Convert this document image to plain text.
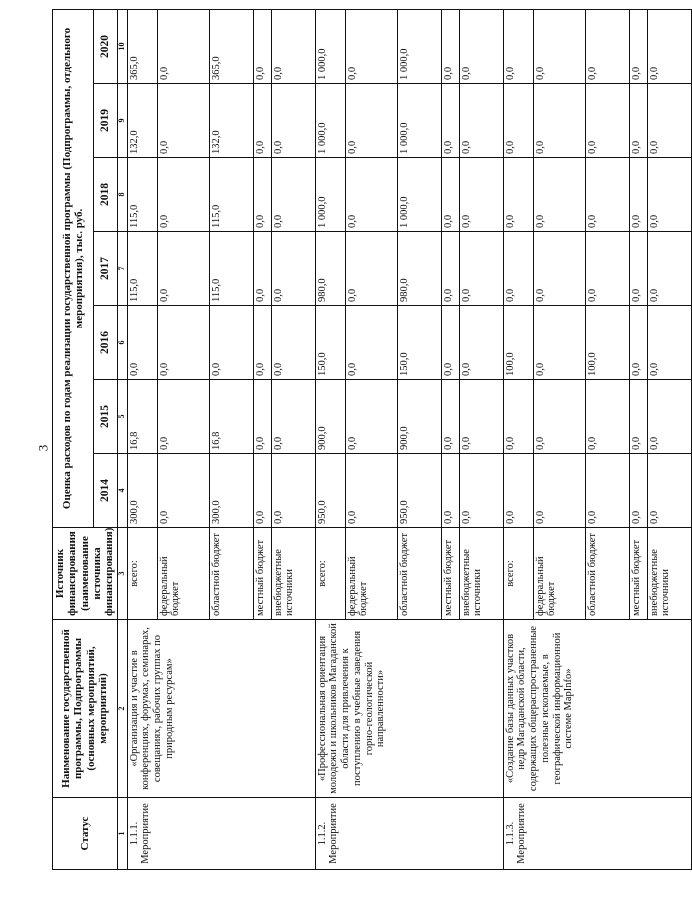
3
Статус	Наименование государственной программы, Подпрограммы (основных мероприятий, мероприятий)	Источник финансирования (наименование источника финансирования)	Оценка расходов по годам реализации государственной программы (Подпрограммы, отдельного мероприятия), тыс. руб.						
			2014	2015	2016	2017	2018	2019	2020
1	2	3	4	5	6	7	8	9	10

1.1.1. Мероприятие	«Организация и участие в конференциях, форумах, семинарах, совещаниях, рабочих группах по природным ресурсам»	всего:	300,0	16,8	0,0	115,0	115,0	132,0	365,0
		федеральный бюджет	0,0	0,0	0,0	0,0	0,0	0,0	0,0
		областной бюджет	300,0	16,8	0,0	115,0	115,0	132,0	365,0
		местный бюджет	0,0	0,0	0,0	0,0	0,0	0,0	0,0
		внебюджетные источники	0,0	0,0	0,0	0,0	0,0	0,0	0,0

1.1.2. Мероприятие	«Профессиональная ориентация молодежи и школьников Магаданской области для привлечения к поступлению в учебные заведения горно-геологической направленности»	всего:	950,0	900,0	150,0	980,0	1 000,0	1 000,0	1 000,0
		федеральный бюджет	0,0	0,0	0,0	0,0	0,0	0,0	0,0
		областной бюджет	950,0	900,0	150,0	980,0	1 000,0	1 000,0	1 000,0
		местный бюджет	0,0	0,0	0,0	0,0	0,0	0,0	0,0
		внебюджетные источники	0,0	0,0	0,0	0,0	0,0	0,0	0,0

1.1.3. Мероприятие	«Создание базы данных участков недр Магаданской области, содержащих общераспространенные полезные ископаемые, в географической информационной системе MapInfo»	всего:	0,0	0,0	100,0	0,0	0,0	0,0	0,0
		федеральный бюджет	0,0	0,0	0,0	0,0	0,0	0,0	0,0
		областной бюджет	0,0	0,0	100,0	0,0	0,0	0,0	0,0
		местный бюджет	0,0	0,0	0,0	0,0	0,0	0,0	0,0
		внебюджетные источники	0,0	0,0	0,0	0,0	0,0	0,0	0,0
